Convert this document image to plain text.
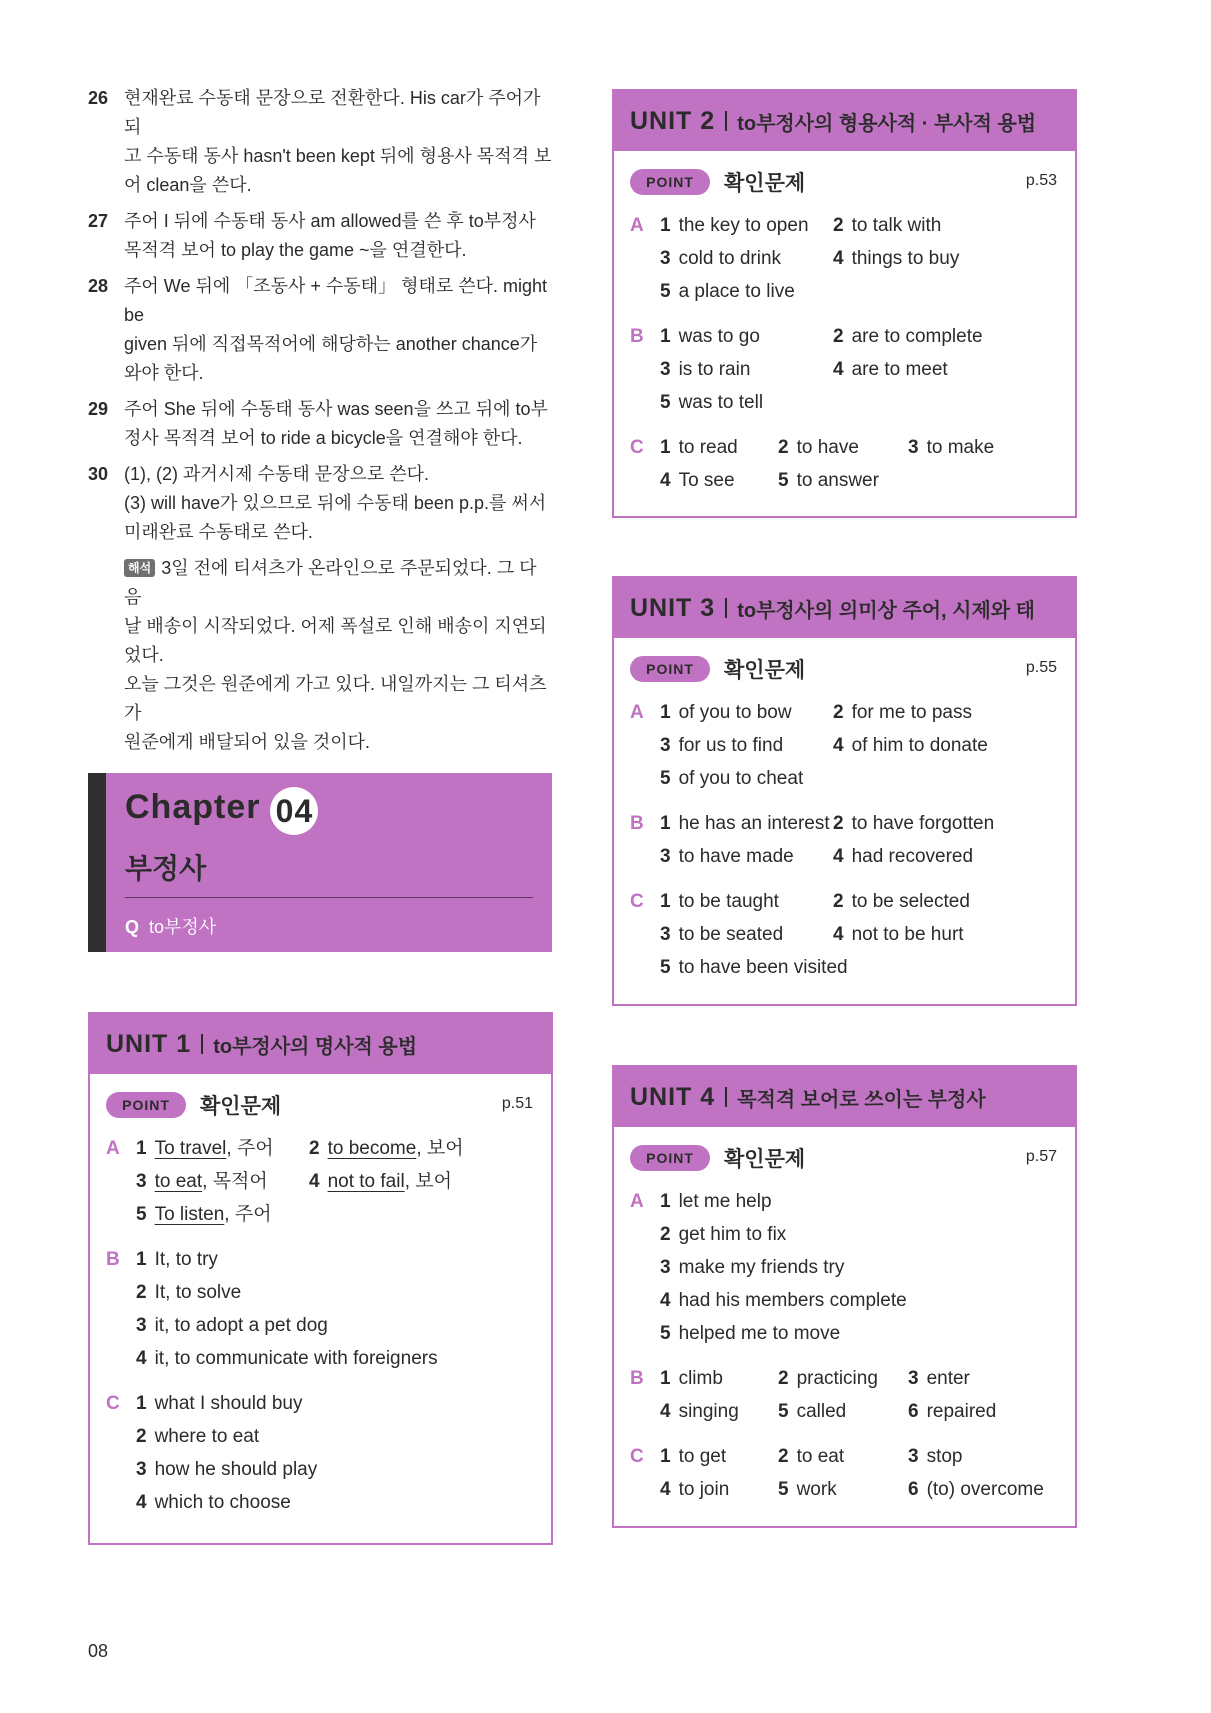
26 현재완료 수동태 문장으로 전환한다. His car가 주어가 되
고 수동태 동사 hasn't been kept 뒤에 형용사 목적격 보
어 clean을 쓴다.
27 주어 I 뒤에 수동태 동사 am allowed를 쓴 후 to부정사
목적격 보어 to play the game ~을 연결한다.
28 주어 We 뒤에 「조동사 + 수동태」 형태로 쓴다. might be
given 뒤에 직접목적어에 해당하는 another chance가
와야 한다.
29 주어 She 뒤에 수동태 동사 was seen을 쓰고 뒤에 to부
정사 목적격 보어 to ride a bicycle을 연결해야 한다.
30 (1), (2) 과거시제 수동태 문장으로 쓴다.
(3) will have가 있으므로 뒤에 수동태 been p.p.를 써서
미래완료 수동태로 쓴다.
해석 3일 전에 티셔츠가 온라인으로 주문되었다. 그 다음
날 배송이 시작되었다. 어제 폭설로 인해 배송이 지연되었다.
오늘 그것은 원준에게 가고 있다. 내일까지는 그 티셔츠가
원준에게 배달되어 있을 것이다.
Chapter 04
부정사
Q to부정사
UNIT 1 to부정사의 명사적 용법
POINT	확인문제	p.51
A 1 To travel, 주어	2 to become, 보어
3 to eat, 목적어	4 not to fail, 보어
5 To listen, 주어
B 1 It, to try
2 It, to solve
3 it, to adopt a pet dog
4 it, to communicate with foreigners
C 1 what I should buy
2 where to eat
3 how he should play
4 which to choose
UNIT 2 to부정사의 형용사적 · 부사적 용법
POINT	확인문제	p.53
A 1 the key to open	2 to talk with
3 cold to drink	4 things to buy
5 a place to live
B 1 was to go	2 are to complete
3 is to rain	4 are to meet
5 was to tell
C 1 to read	2 to have	3 to make
4 To see	5 to answer
UNIT 3 to부정사의 의미상 주어, 시제와 태
POINT	확인문제	p.55
A 1 of you to bow	2 for me to pass
3 for us to find	4 of him to donate
5 of you to cheat
B 1 he has an interest 2 to have forgotten
3 to have made	4 had recovered
C 1 to be taught	2 to be selected
3 to be seated	4 not to be hurt
5 to have been visited
UNIT 4 목적격 보어로 쓰이는 부정사
POINT	확인문제	p.57
A 1 let me help
2 get him to fix
3 make my friends try
4 had his members complete
5 helped me to move
B 1 climb	2 practicing	3 enter
4 singing	5 called	6 repaired
C 1 to get	2 to eat	3 stop
4 to join	5 work	6 (to) overcome
08
